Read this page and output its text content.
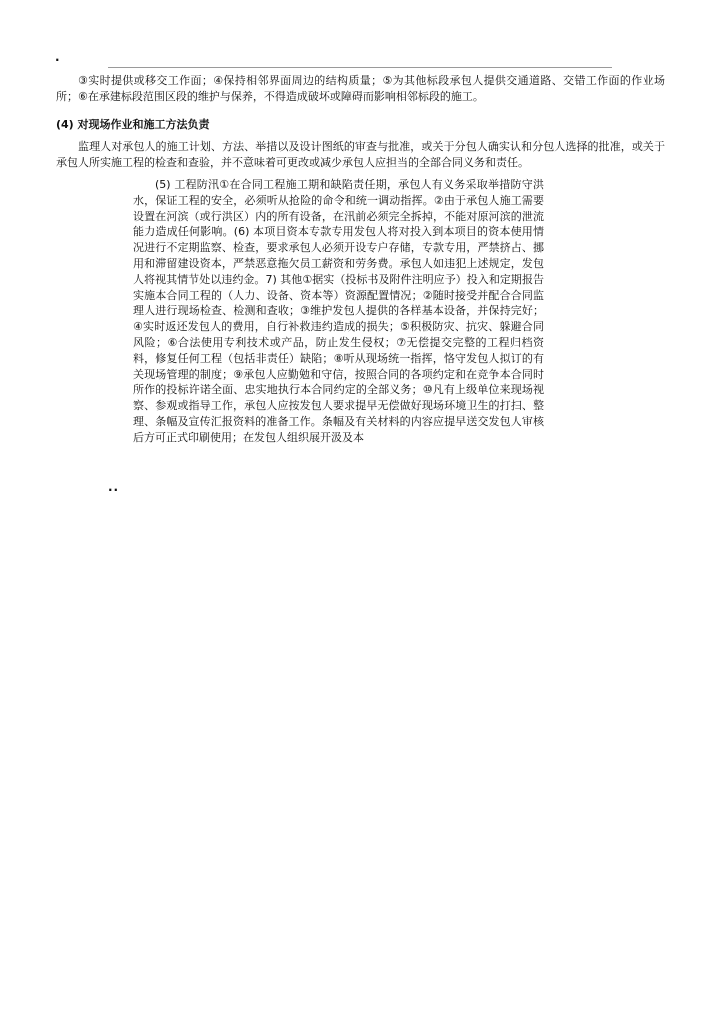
·

③实时提供或移交工作面；④保持相邻界面周边的结构质量；⑤为其他标段承包人提供交通道路、交错工作面的作业场所；⑥在承建标段范围区段的维护与保养，不得造成破坏或障碍而影响相邻标段的施工。

(4) 对现场作业和施工方法负责

监理人对承包人的施工计划、方法、举措以及设计图纸的审查与批准，或关于分包人确实认和分包人选择的批准，或关于承包人所实施工程的检查和查验，并不意味着可更改或减少承包人应担当的全部合同义务和责任。

(5) 工程防汛①在合同工程施工期和缺陷责任期，承包人有义务采取举措防守洪水，保证工程的安全，必须听从抢险的命令和统一调动指挥。②由于承包人施工需要设置在河滨（或行洪区）内的所有设备，在汛前必须完全拆掉，不能对原河滨的泄流能力造成任何影响。(6) 本项目资本专款专用发包人将对投入到本项目的资本使用情况进行不定期监察、检查，要求承包人必须开设专户存储，专款专用，严禁挤占、挪用和滞留建设资本，严禁恶意拖欠员工薪资和劳务费。承包人如违犯上述规定，发包人将视其情节处以违约金。7) 其他①据实（投标书及附件注明应予）投入和定期报告实施本合同工程的（人力、设备、资本等）资源配置情况；②随时接受并配合合同监理人进行现场检查、检测和查收；③维护发包人提供的各样基本设备，并保持完好；④实时返还发包人的费用，自行补救违约造成的损失；⑤积极防灾、抗灾、躲避合同风险；⑥合法使用专利技术或产品，防止发生侵权；⑦无偿提交完整的工程归档资料，修复任何工程（包括非责任）缺陷；⑧听从现场统一指挥，恪守发包人拟订的有关现场管理的制度；⑨承包人应勤勉和守信，按照合同的各项约定和在竞争本合同时所作的投标许诺全面、忠实地执行本合同约定的全部义务；⑩凡有上级单位来现场视察、参观或指导工作，承包人应按发包人要求提早无偿做好现场环境卫生的打扫、整理、条幅及宣传汇报资料的准备工作。条幅及有关材料的内容应提早送交发包人审核后方可正式印刷使用；在发包人组织展开汲及本

··
